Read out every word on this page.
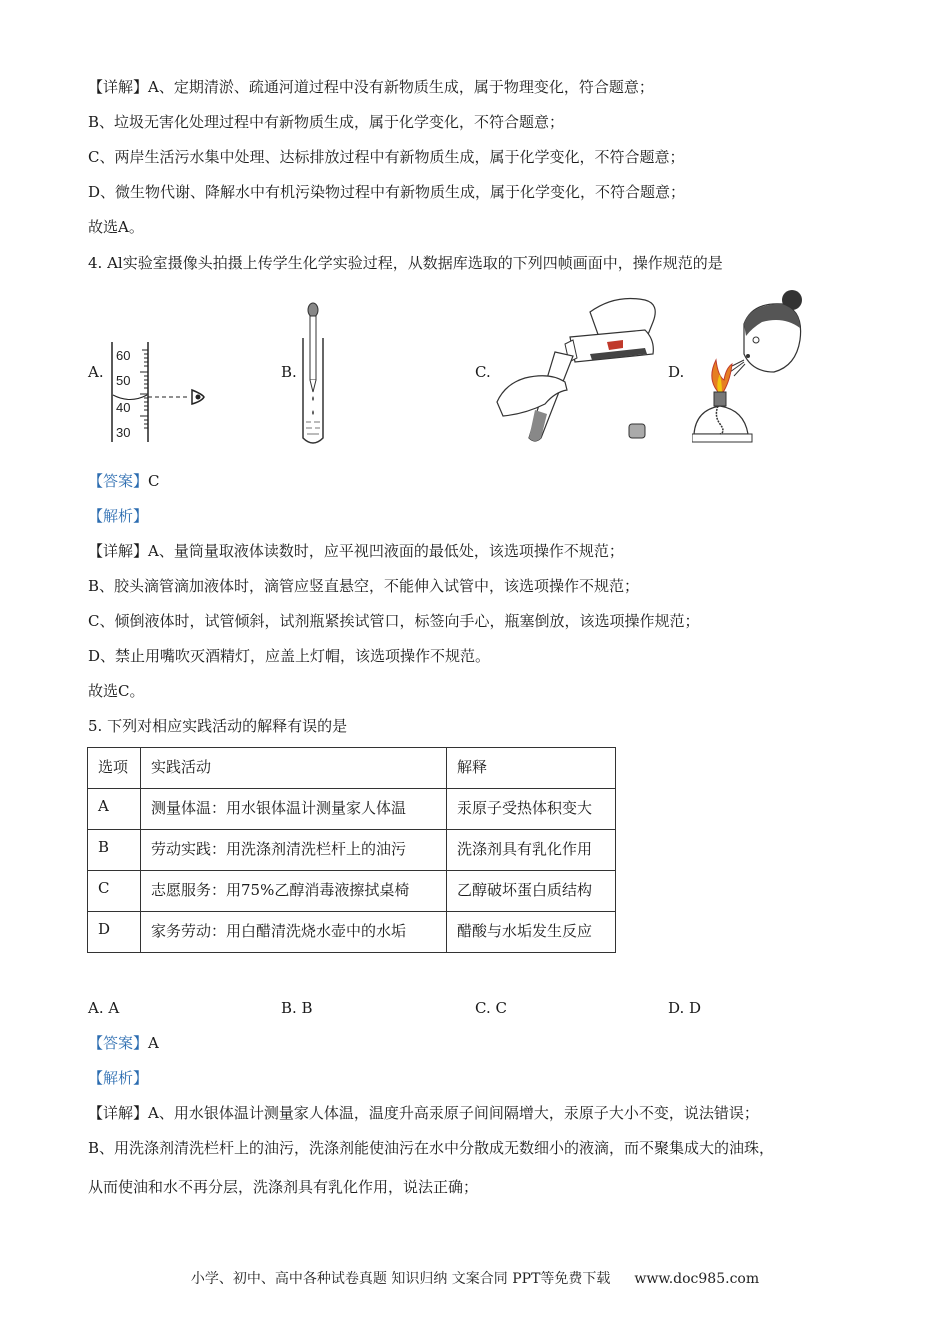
【详解】A、定期清淤、疏通河道过程中没有新物质生成，属于物理变化，符合题意；
B、垃圾无害化处理过程中有新物质生成，属于化学变化，不符合题意；
C、两岸生活污水集中处理、达标排放过程中有新物质生成，属于化学变化，不符合题意；
D、微生物代谢、降解水中有机污染物过程中有新物质生成，属于化学变化，不符合题意；
故选A。
4. Al实验室摄像头拍摄上传学生化学实验过程，从数据库选取的下列四帧画面中，操作规范的是
A.	B.	C.	D.
60
50
40
30
【答案】C
【解析】
【详解】A、量筒量取液体读数时，应平视凹液面的最低处，该选项操作不规范；
B、胶头滴管滴加液体时，滴管应竖直悬空，不能伸入试管中，该选项操作不规范；
C、倾倒液体时，试管倾斜，试剂瓶紧挨试管口，标签向手心，瓶塞倒放，该选项操作规范；
D、禁止用嘴吹灭酒精灯，应盖上灯帽，该选项操作不规范。
故选C。
5. 下列对相应实践活动的解释有误的是
选项	实践活动	解释
A	测量体温：用水银体温计测量家人体温	汞原子受热体积变大
B	劳动实践：用洗涤剂清洗栏杆上的油污	洗涤剂具有乳化作用
C	志愿服务：用75%乙醇消毒液擦拭桌椅	乙醇破坏蛋白质结构
D	家务劳动：用白醋清洗烧水壶中的水垢	醋酸与水垢发生反应
A. A	B. B	C. C	D. D
【答案】A
【解析】
【详解】A、用水银体温计测量家人体温，温度升高汞原子间间隔增大，汞原子大小不变，说法错误；
B、用洗涤剂清洗栏杆上的油污，洗涤剂能使油污在水中分散成无数细小的液滴，而不聚集成大的油珠，
从而使油和水不再分层，洗涤剂具有乳化作用，说法正确；
小学、初中、高中各种试卷真题 知识归纳 文案合同 PPT等免费下载 www.doc985.com
